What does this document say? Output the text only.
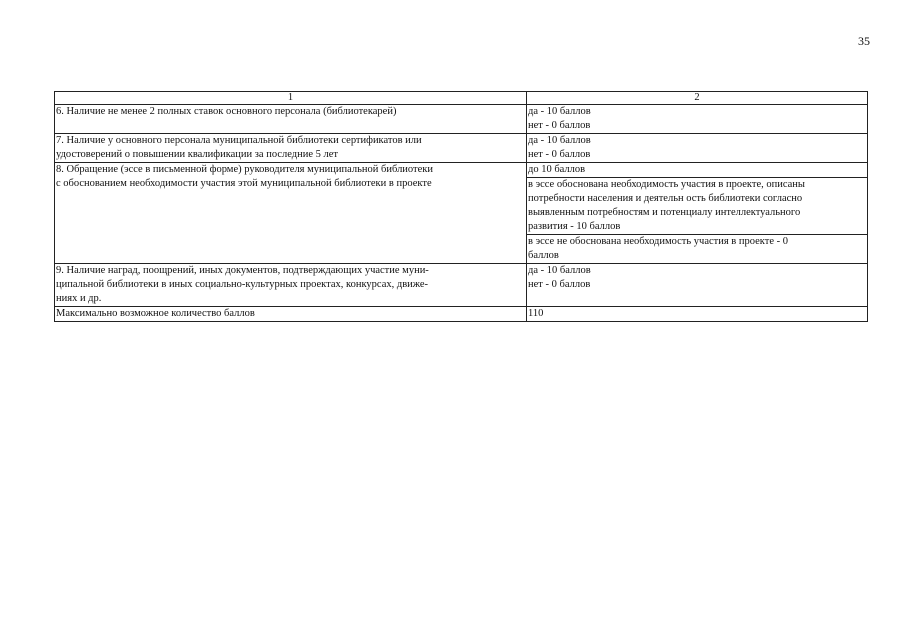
35
1	2

6. Наличие не менее 2 полных ставок основного персонала (библиотекарей)	да - 10 баллов
нет - 0 баллов

7. Наличие у основного персонала муниципальной библиотеки сертификатов или
удостоверений о повышении квалификации за последние 5 лет	да - 10 баллов
нет - 0 баллов

8. Обращение (эссе в письменной форме) руководителя муниципальной библиотеки
с обоснованием необходимости участия этой муниципальной библиотеки в проекте	до 10 баллов

	в эссе обоснована необходимость участия в проекте, описаны
потребности населения и деятельн ость библиотеки согласно
выявленным потребностям и потенциалу интеллектуального
развития - 10 баллов

	в эссе не обоснована необходимость участия в проекте - 0
баллов

9. Наличие наград, поощрений, иных документов, подтверждающих участие муни-
ципальной библиотеки в иных социально-культурных проектах, конкурсах, движе-
ниях и др.	да - 10 баллов
нет - 0 баллов

Максимально возможное количество баллов	110
